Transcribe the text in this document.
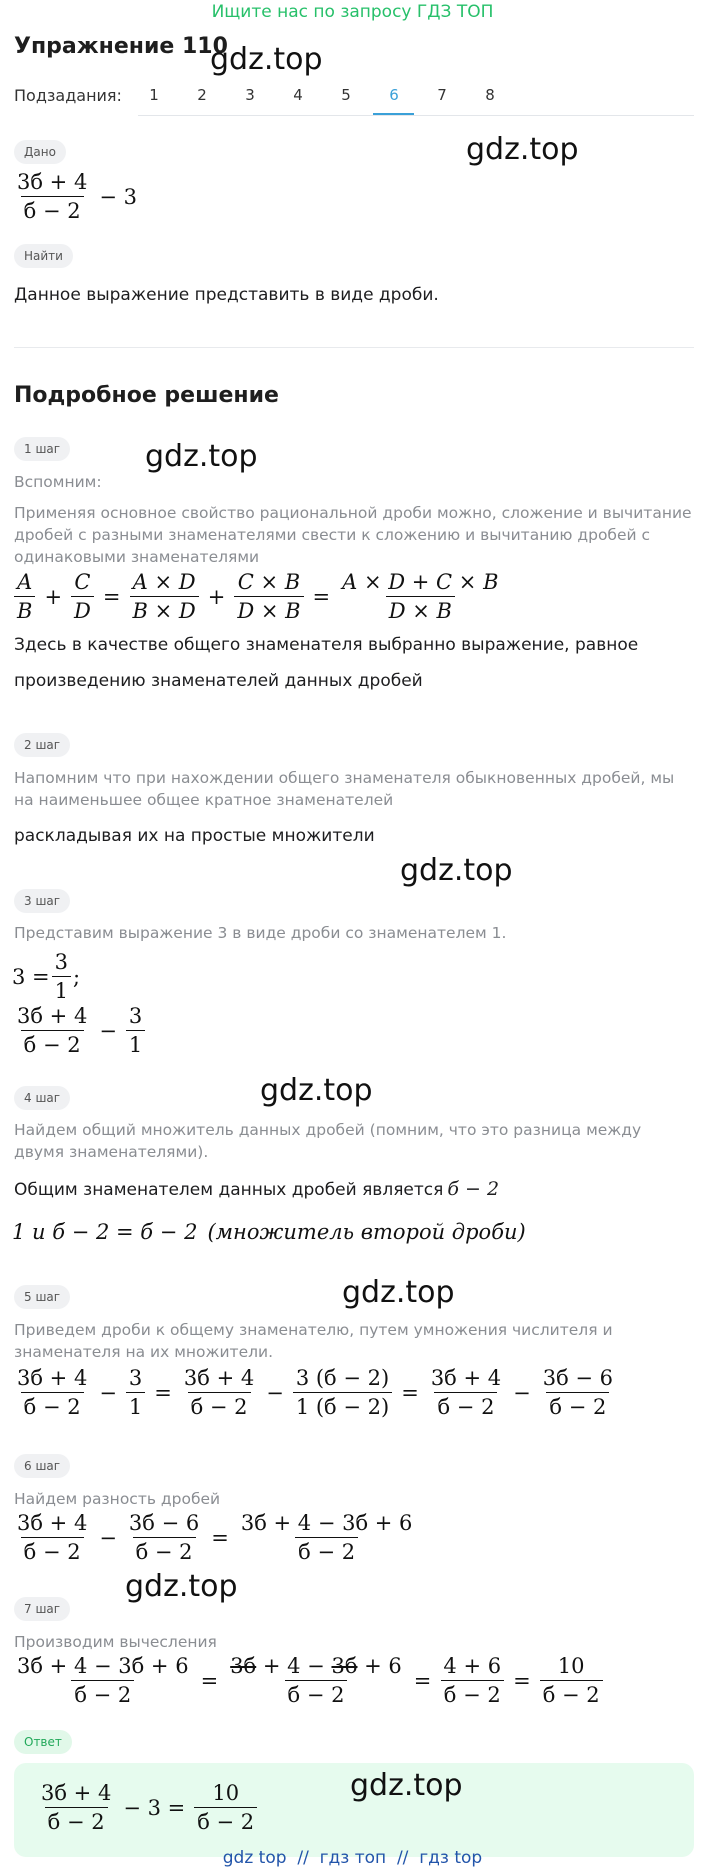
Ищите нас по запросу ГДЗ ТОП
Упражнение 110
gdz.top
Подзадания:	1	2	3	4	5	6	7	8
Дано	gdz.top
$\frac{3б + 4}{б - 2} - 3$
Найти
Данное выражение представить в виде дроби.
Подробное решение
1 шаг	gdz.top
Вспомним:
Применяя основное свойство рациональной дроби можно, сложение и вычитание дробей с разными знаменателями свести к сложению и вычитанию дробей с одинаковыми знаменателями
$\frac{A}{B} + \frac{C}{D} = \frac{A \times D}{B \times D} + \frac{C \times B}{D \times B} = \frac{A \times D + C \times B}{D \times B}$
Здесь в качестве общего знаменателя выбранно выражение, равное
произведению знаменателей данных дробей
2 шаг
Напомним что при нахождении общего знаменателя обыкновенных дробей, мы на наименьшее общее кратное знаменателей
раскладывая их на простые множители
gdz.top
3 шаг
Представим выражение 3 в виде дроби со знаменателем 1.
$3 = \frac{3}{1}$ ;
$\frac{3б + 4}{б - 2} - \frac{3}{1}$
gdz.top
4 шаг
Найдем общий множитель данных дробей (помним, что это разница между двумя знаменателями).
Общим знаменателем данных дробей является б − 2
1 и б − 2 = б − 2 (множитель второй дроби)
gdz.top
5 шаг
Приведем дроби к общему знаменателю, путем умножения числителя и знаменателя на их множители.
$\frac{3б + 4}{б - 2} - \frac{3}{1} = \frac{3б + 4}{б - 2} - \frac{3 (б - 2)}{1 (б - 2)} = \frac{3б + 4}{б - 2} - \frac{3б - 6}{б - 2}$
6 шаг
Найдем разность дробей
$\frac{3б + 4}{б - 2} - \frac{3б - 6}{б - 2} = \frac{3б + 4 - 3б + 6}{б - 2}$
gdz.top
7 шаг
Производим вычесления
$\frac{3б + 4 - 3б + 6}{б - 2} = \frac{3б + 4 - 3б + 6}{б - 2} = \frac{4 + 6}{б - 2} = \frac{10}{б - 2}$
Ответ
$\frac{3б + 4}{б - 2} - 3 = \frac{10}{б - 2}$	gdz.top
gdz top  //  гдз топ  //  гдз top
